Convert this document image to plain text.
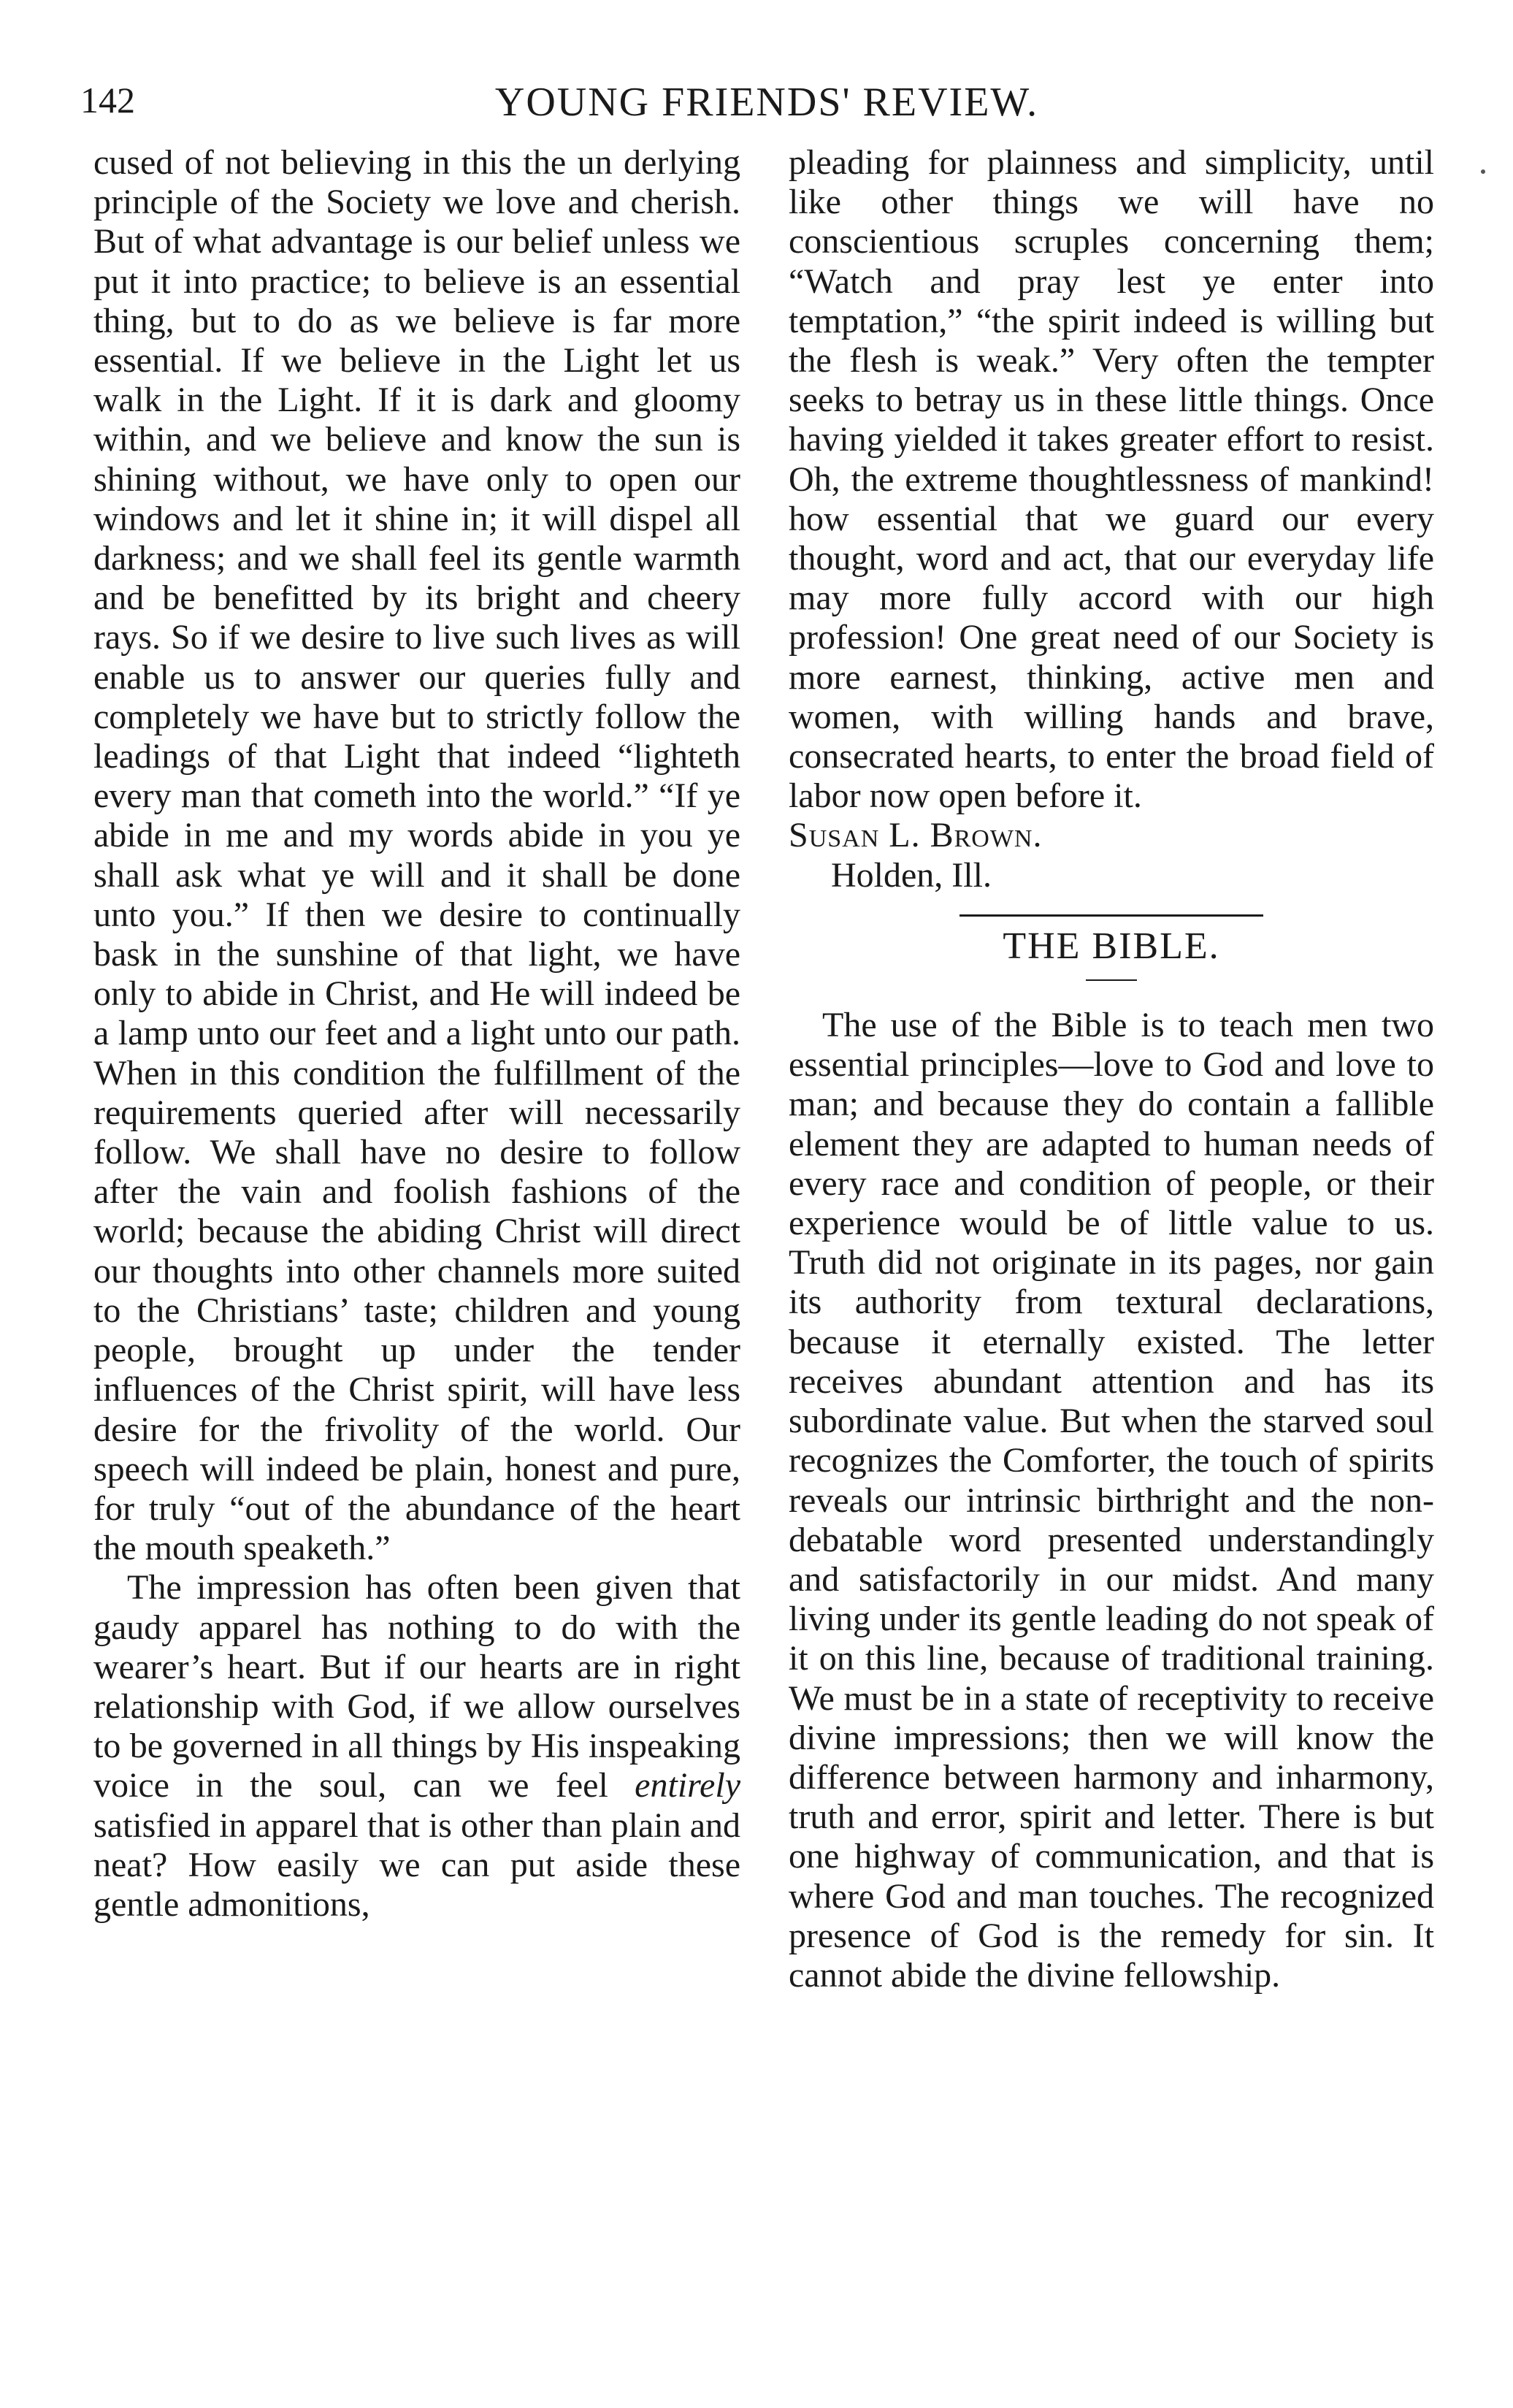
142	YOUNG FRIENDS' REVIEW.

cused of not believing in this the un derlying principle of the Society we love and cherish. But of what advantage is our belief unless we put it into practice; to believe is an essential thing, but to do as we believe is far more essential. If we believe in the Light let us walk in the Light. If it is dark and gloomy within, and we believe and know the sun is shining without, we have only to open our windows and let it shine in; it will dispel all darkness; and we shall feel its gentle warmth and be benefitted by its bright and cheery rays. So if we desire to live such lives as will enable us to answer our queries fully and completely we have but to strictly follow the leadings of that Light that indeed “lighteth every man that cometh into the world.” “If ye abide in me and my words abide in you ye shall ask what ye will and it shall be done unto you.” If then we desire to continually bask in the sunshine of that light, we have only to abide in Christ, and He will indeed be a lamp unto our feet and a light unto our path. When in this condition the fulfillment of the requirements queried after will necessarily follow. We shall have no desire to follow after the vain and foolish fashions of the world; because the abiding Christ will direct our thoughts into other channels more suited to the Christians’ taste; children and young people, brought up under the tender influences of the Christ spirit, will have less desire for the frivolity of the world. Our speech will indeed be plain, honest and pure, for truly “out of the abundance of the heart the mouth speaketh.”

The impression has often been given that gaudy apparel has nothing to do with the wearer’s heart. But if our hearts are in right relationship with God, if we allow ourselves to be governed in all things by His inspeaking voice in the soul, can we feel entirely satisfied in apparel that is other than plain and neat? How easily we can put aside these gentle admonitions,

pleading for plainness and simplicity, until like other things we will have no conscientious scruples concerning them; “Watch and pray lest ye enter into temptation,” “the spirit indeed is willing but the flesh is weak.” Very often the tempter seeks to betray us in these little things. Once having yielded it takes greater effort to resist. Oh, the extreme thoughtlessness of mankind! how essential that we guard our every thought, word and act, that our everyday life may more fully accord with our high profession! One great need of our Society is more earnest, thinking, active men and women, with willing hands and brave, consecrated hearts, to enter the broad field of labor now open before it.

Susan L. Brown.

Holden, Ill.

THE BIBLE.

The use of the Bible is to teach men two essential principles—love to God and love to man; and because they do contain a fallible element they are adapted to human needs of every race and condition of people, or their experience would be of little value to us. Truth did not originate in its pages, nor gain its authority from textural declarations, because it eternally existed. The letter receives abundant attention and has its subordinate value. But when the starved soul recognizes the Comforter, the touch of spirits reveals our intrinsic birthright and the non-debatable word presented understandingly and satisfactorily in our midst. And many living under its gentle leading do not speak of it on this line, because of traditional training. We must be in a state of receptivity to receive divine impressions; then we will know the difference between harmony and inharmony, truth and error, spirit and letter. There is but one highway of communication, and that is where God and man touches. The recognized presence of God is the remedy for sin. It cannot abide the divine fellowship.
